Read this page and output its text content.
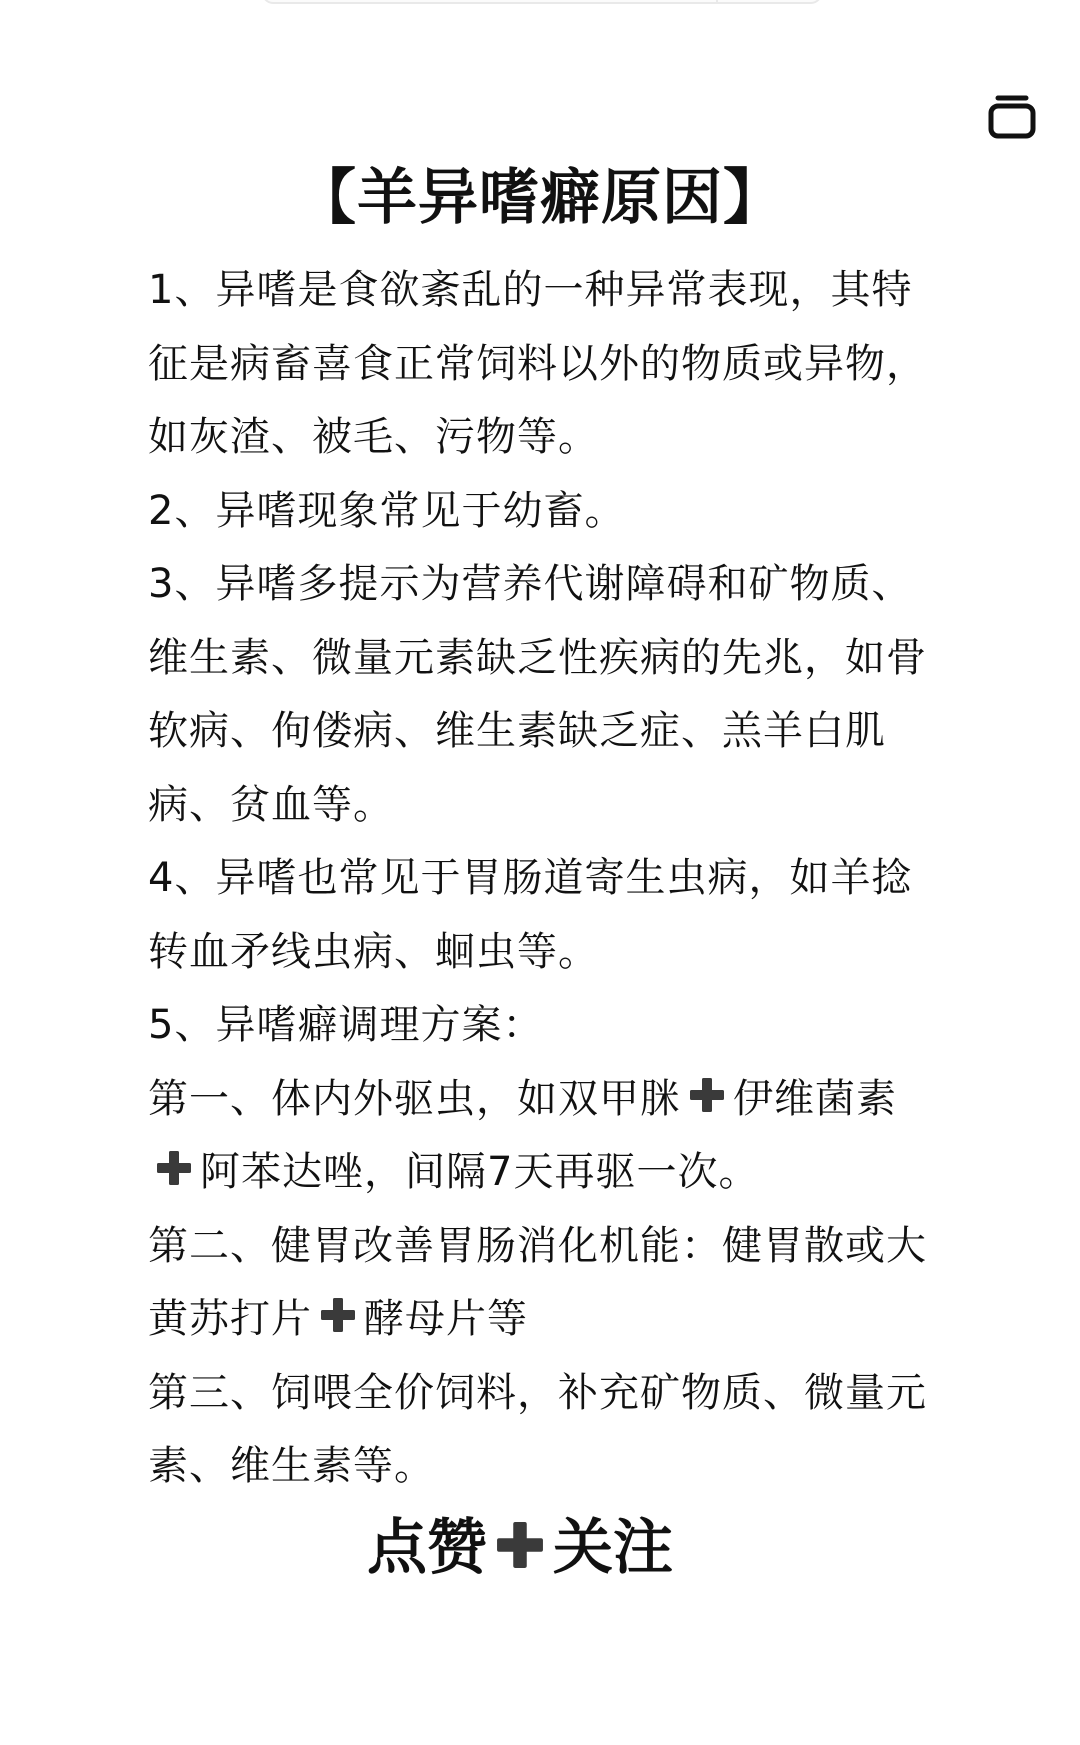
【羊异嗜癖原因】

1、异嗜是食欲紊乱的一种异常表现，其特征是病畜喜食正常饲料以外的物质或异物，如灰渣、被毛、污物等。

2、异嗜现象常见于幼畜。

3、异嗜多提示为营养代谢障碍和矿物质、维生素、微量元素缺乏性疾病的先兆，如骨软病、佝偻病、维生素缺乏症、羔羊白肌病、贫血等。

4、异嗜也常见于胃肠道寄生虫病，如羊捻转血矛线虫病、蛔虫等。

5、异嗜癖调理方案：

第一、体内外驱虫，如双甲脒 伊维菌素阿苯达唑，间隔7天再驱一次。

第二、健胃改善胃肠消化机能：健胃散或大黄苏打片 酵母片等

第三、饲喂全价饲料，补充矿物质、微量元素、维生素等。

点赞 关注
